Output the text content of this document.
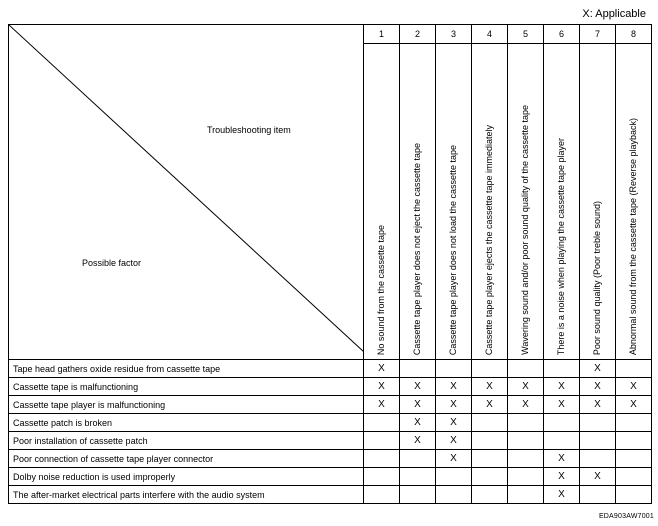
X: Applicable
Troubleshooting item
Possible factor	1	2	3	4	5	6	7	8

	No sound from the cassette tape	Cassette tape player does not eject the cassette tape	Cassette tape player does not load the cassette tape	Cassette tape player ejects the cassette tape immediately	Wavering sound and/or poor sound quality of the cassette tape	There is a noise when playing the cassette tape player	Poor sound quality (Poor treble sound)	Abnormal sound from the cassette tape (Reverse playback)

Tape head gathers oxide residue from cassette tape	X						X	
Cassette tape is malfunctioning	X	X	X	X	X	X	X	X
Cassette tape player is malfunctioning	X	X	X	X	X	X	X	X
Cassette patch is broken		X	X					
Poor installation of cassette patch		X	X					
Poor connection of cassette tape player connector			X			X		
Dolby noise reduction is used improperly						X	X	
The after-market electrical parts interfere with the audio system						X		
EDA903AW7001
